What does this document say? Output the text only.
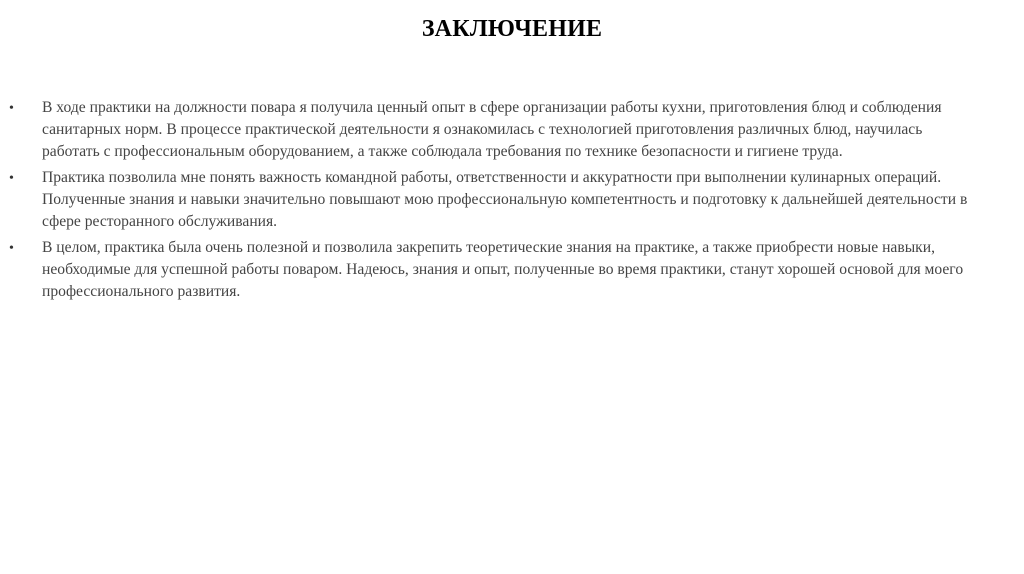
ЗАКЛЮЧЕНИЕ
• В ходе практики на должности повара я получила ценный опыт в сфере организации работы кухни, приготовления блюд и соблюдения санитарных норм. В процессе практической деятельности я ознакомилась с технологией приготовления различных блюд, научилась работать с профессиональным оборудованием, а также соблюдала требования по технике безопасности и гигиене труда.
• Практика позволила мне понять важность командной работы, ответственности и аккуратности при выполнении кулинарных операций. Полученные знания и навыки значительно повышают мою профессиональную компетентность и подготовку к дальнейшей деятельности в сфере ресторанного обслуживания.
• В целом, практика была очень полезной и позволила закрепить теоретические знания на практике, а также приобрести новые навыки, необходимые для успешной работы поваром. Надеюсь, знания и опыт, полученные во время практики, станут хорошей основой для моего профессионального развития.
